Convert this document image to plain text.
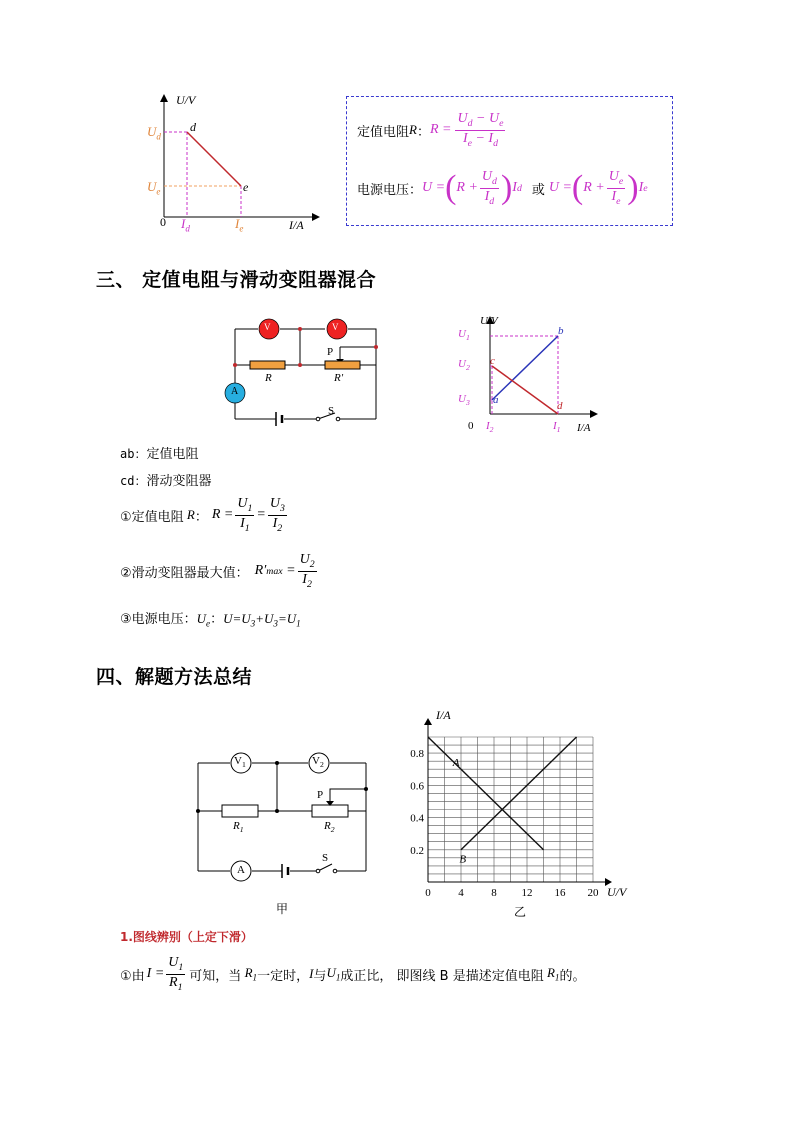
U/V
$U_d$
$U_e$
d
e
0 $I_d$	$I_e$	I/A
定值电阻 R ： $R = \frac{U_d - U_e}{I_e - I_d}$
电源电压： U = ( $R + \frac{U_d}{I_d}$ ) I d 或 U = ( $R + \frac{U_e}{I_e}$ ) I e
三、 定值电阻与滑动变阻器混合
V	V
A
R	R′
P
S
U/V
$U_1$
$U_2$
$U_3$
0 $I_2$	$I_1$ I/A
a
b
c
d
ab：定值电阻
cd：滑动变阻器
①定值电阻 R ： $R = \frac{U_1}{I_1} = \frac{U_3}{I_2}$
②滑动变阻器最大值： R′ $\max = \frac{U_2}{I_2}$
③电源电压：$U_e$：$U=U_3+U_3=U_1$
四、解题方法总结
$V_1$	$V_2$
A
$R_1$	$R_2$
P
S
甲
0	4	8 12 16 20
0.2
0.4
0.6
0.8
A
B
I/A
U/V
乙
1.图线辨别（上定下滑）
①由 $I = \frac{U_1}{R_1}$ 可知，当 $R_1$ 一定时， I 与 $U_1$ 成正比， 即图线 B 是描述定值电阻 $R_1$ 的。
